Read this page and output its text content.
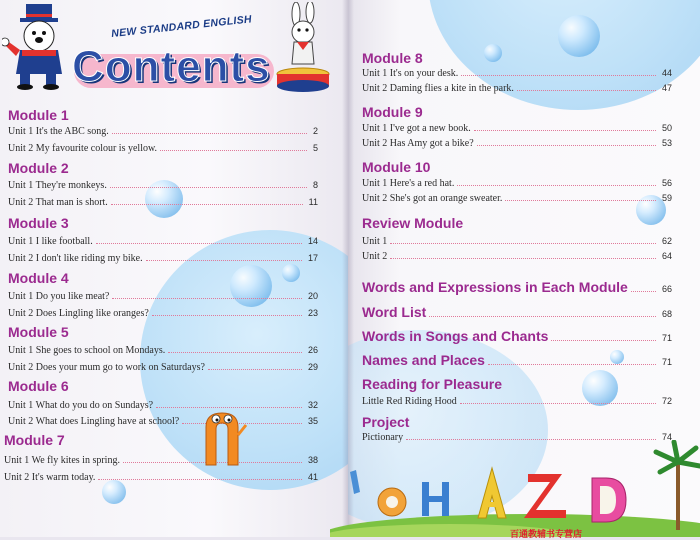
NEW STANDARD ENGLISH
Contents
Module 1
Unit 1 It's the ABC song.	2
Unit 2 My favourite colour is yellow.	5
Module 2
Unit 1 They're monkeys.	8
Unit 2 That man is short.	11
Module 3
Unit 1 I like football.	14
Unit 2 I don't like riding my bike.	17
Module 4
Unit 1 Do you like meat?	20
Unit 2 Does Lingling like oranges?	23
Module 5
Unit 1 She goes to school on Mondays.	26
Unit 2 Does your mum go to work on Saturdays?	29
Module 6
Unit 1 What do you do on Sundays?	32
Unit 2 What does Lingling have at school?	35
Module 7
Unit 1 We fly kites in spring.	38
Unit 2 It's warm today.	41
Module 8
Unit 1 It's on your desk.	44
Unit 2 Daming flies a kite in the park.	47
Module 9
Unit 1 I've got a new book.	50
Unit 2 Has Amy got a bike?	53
Module 10
Unit 1 Here's a red hat.	56
Unit 2 She's got an orange sweater.	59
Review Module
Unit 1	62
Unit 2	64
Words and Expressions in Each Module	66
Word List	68
Words in Songs and Chants	71
Names and Places	71
Reading for Pleasure
Little Red Riding Hood	72
Project
Pictionary	74
百通教辅书专营店
